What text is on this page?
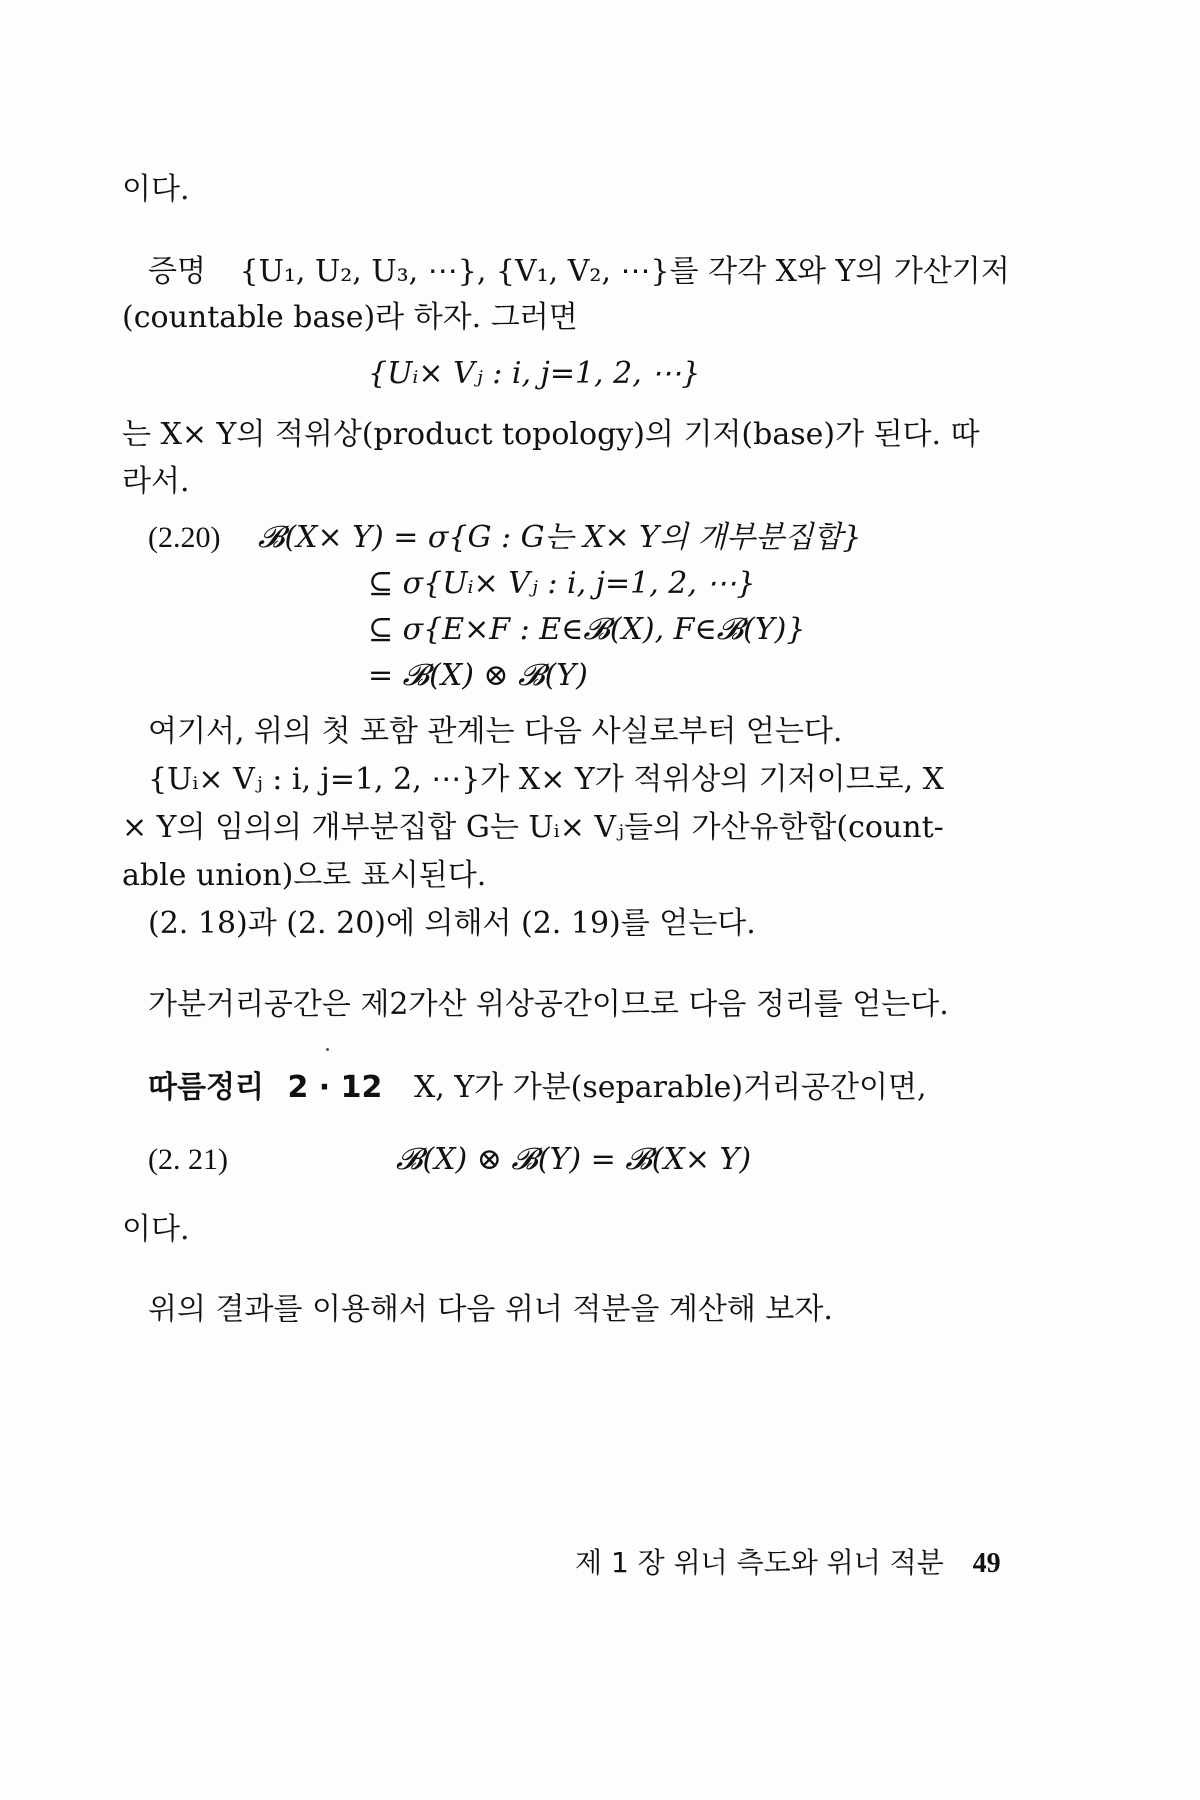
이다.
증명 {U₁, U₂, U₃, ⋯}, {V₁, V₂, ⋯}를 각각 X와 Y의 가산기저
(countable base)라 하자. 그러면
{Uᵢ× Vⱼ : i, j=1, 2, ⋯}
는 X× Y의 적위상(product topology)의 기저(base)가 된다. 따
라서.
(2.20) 𝓑(X× Y) = σ{G : G는 X× Y의 개부분집합}
⊆ σ{Uᵢ× Vⱼ : i, j=1, 2, ⋯}
⊆ σ{E×F : E∈𝓑(X), F∈𝓑(Y)}
= 𝓑(X) ⊗ 𝓑(Y)
여기서, 위의 첫 포함 관계는 다음 사실로부터 얻는다.
{Uᵢ× Vⱼ : i, j=1, 2, ⋯}가 X× Y가 적위상의 기저이므로, X
× Y의 임의의 개부분집합 G는 Uᵢ× Vⱼ들의 가산유한합(count-
able union)으로 표시된다.
(2. 18)과 (2. 20)에 의해서 (2. 19)를 얻는다.
가분거리공간은 제2가산 위상공간이므로 다음 정리를 얻는다.
따름정리 2 · 12 X, Y가 가분(separable)거리공간이면,
(2. 21)	𝓑(X) ⊗ 𝓑(Y) = 𝓑(X× Y)
이다.
위의 결과를 이용해서 다음 위너 적분을 계산해 보자.
제 1 장 위너 측도와 위너 적분 49
